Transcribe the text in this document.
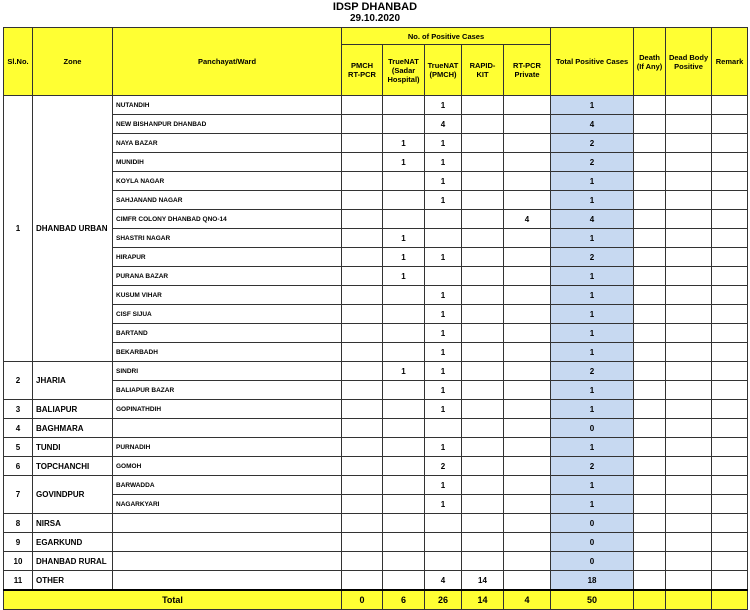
IDSP DHANBAD
29.10.2020
Sl.No.	Zone	Panchayat/Ward	No. of Positive Cases					Total Positive Cases	Death (If Any)	Dead Body Positive	Remark
			PMCH RT-PCR	TrueNAT (Sadar Hospital)	TrueNAT (PMCH)	RAPID- KIT	RT-PCR Private				
1	DHANBAD URBAN	NUTANDIH			1			1			
		NEW BISHANPUR DHANBAD			4			4			
		NAYA BAZAR		1	1			2			
		MUNIDIH		1	1			2			
		KOYLA NAGAR			1			1			
		SAHJANAND NAGAR			1			1			
		CIMFR COLONY DHANBAD QNO-14					4	4			
		SHASTRI NAGAR		1				1			
		HIRAPUR		1	1			2			
		PURANA BAZAR		1				1			
		KUSUM VIHAR			1			1			
		CISF SIJUA			1			1			
		BARTAND			1			1			
		BEKARBADH			1			1			
2	JHARIA	SINDRI		1	1			2			
		BALIAPUR BAZAR			1			1			
3	BALIAPUR	GOPINATHDIH			1			1			
4	BAGHMARA							0			
5	TUNDI	PURNADIH			1			1			
6	TOPCHANCHI	GOMOH			2			2			
7	GOVINDPUR	BARWADDA			1			1			
		NAGARKYARI			1			1			
8	NIRSA							0			
9	EGARKUND							0			
10	DHANBAD RURAL							0			
11	OTHER				4	14		18			
Total			0	6	26	14	4	50			
